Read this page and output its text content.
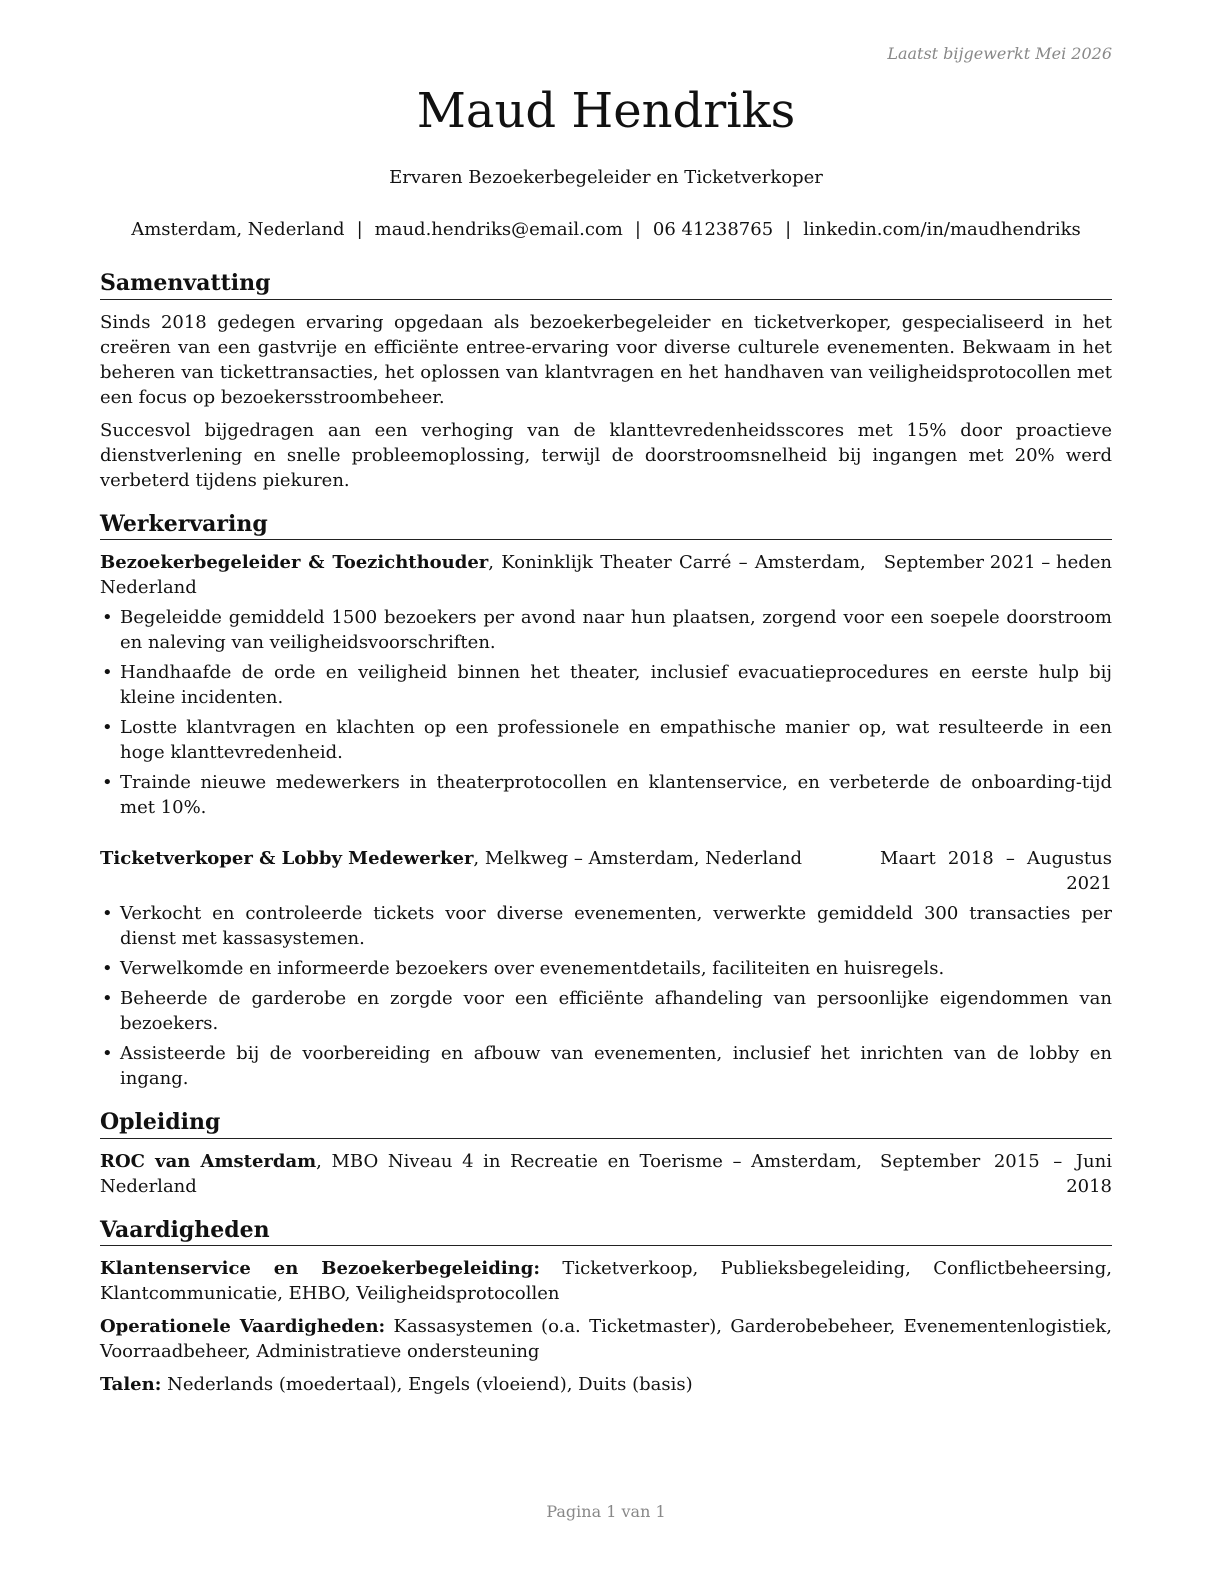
Laatst bijgewerkt Mei 2026
Maud Hendriks
Ervaren Bezoekerbegeleider en Ticketverkoper
Amsterdam, Nederland | maud.hendriks@email.com | 06 41238765 | linkedin.com/in/maudhendriks
Samenvatting

Sinds 2018 gedegen ervaring opgedaan als bezoekerbegeleider en ticketverkoper, gespecialiseerd in het creëren van een gastvrije en efficiënte entree-ervaring voor diverse culturele evenementen. Bekwaam in het beheren van tickettransacties, het oplossen van klantvragen en het handhaven van veiligheidsprotocollen met een focus op bezoekersstroombeheer.

Succesvol bijgedragen aan een verhoging van de klanttevredenheidsscores met 15% door proactieve dienstverlening en snelle probleemoplossing, terwijl de doorstroomsnelheid bij ingangen met 20% werd verbeterd tijdens piekuren.

Werkervaring
Bezoekerbegeleider & Toezichthouder, Koninklijk Theater Carré – Amsterdam, Nederland
September 2021 – heden
• Begeleidde gemiddeld 1500 bezoekers per avond naar hun plaatsen, zorgend voor een soepele doorstroom en naleving van veiligheidsvoorschriften.
• Handhaafde de orde en veiligheid binnen het theater, inclusief evacuatieprocedures en eerste hulp bij kleine incidenten.
• Lostte klantvragen en klachten op een professionele en empathische manier op, wat resulteerde in een hoge klanttevredenheid.
• Trainde nieuwe medewerkers in theaterprotocollen en klantenservice, en verbeterde de onboarding-tijd met 10%.
Ticketverkoper & Lobby Medewerker, Melkweg – Amsterdam, Nederland	Maart 2018 – Augustus 2021
• Verkocht en controleerde tickets voor diverse evenementen, verwerkte gemiddeld 300 transacties per dienst met kassasystemen.
• Verwelkomde en informeerde bezoekers over evenementdetails, faciliteiten en huisregels.
• Beheerde de garderobe en zorgde voor een efficiënte afhandeling van persoonlijke eigendommen van bezoekers.
• Assisteerde bij de voorbereiding en afbouw van evenementen, inclusief het inrichten van de lobby en ingang.
Opleiding
ROC van Amsterdam, MBO Niveau 4 in Recreatie en Toerisme – Amsterdam, Nederland
September 2015 – Juni 2018
Vaardigheden

Klantenservice en Bezoekerbegeleiding: Ticketverkoop, Publieksbegeleiding, Conflictbeheersing, Klantcommunicatie, EHBO, Veiligheidsprotocollen

Operationele Vaardigheden: Kassasystemen (o.a. Ticketmaster), Garderobebeheer, Evenementenlogistiek, Voorraadbeheer, Administratieve ondersteuning

Talen: Nederlands (moedertaal), Engels (vloeiend), Duits (basis)

Pagina 1 van 1
